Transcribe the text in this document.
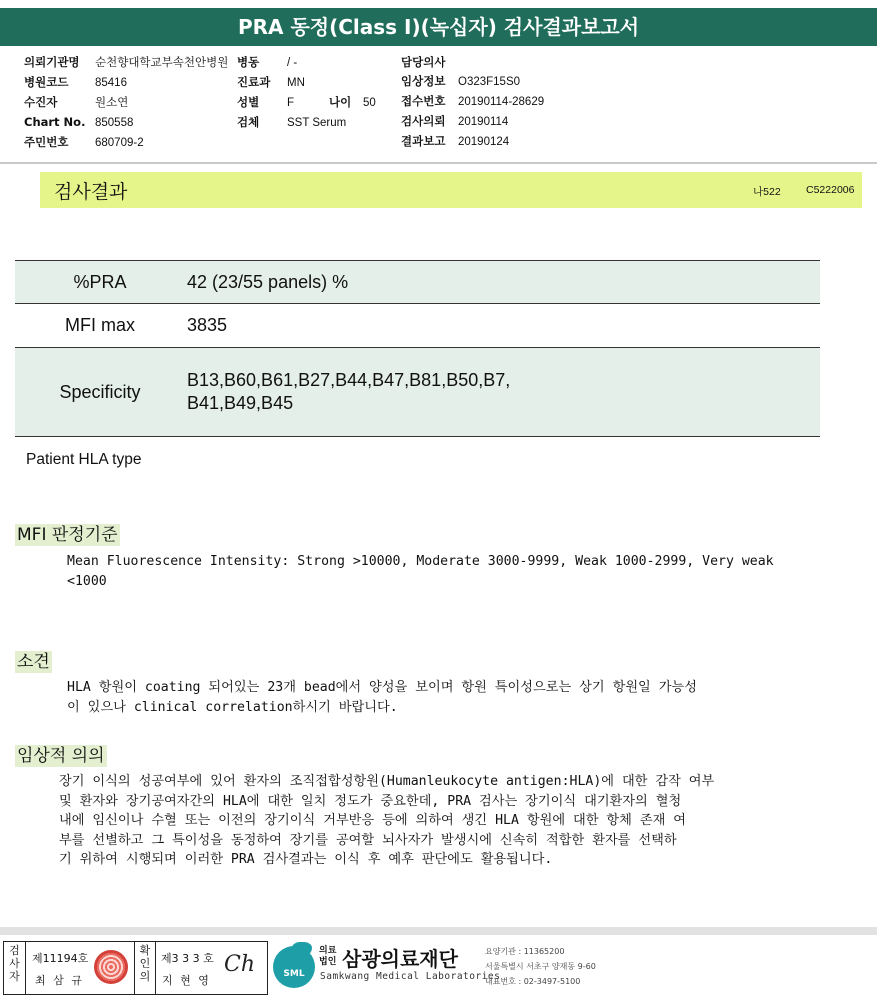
PRA 동정(Class I)(녹십자) 검사결과보고서
의뢰기관명 순천향대학교부속천안병원
병원코드 85416
수진자	원소연
Chart No. 850558
주민번호 680709-2
병동 / -
진료과 MN
성별 F	나이 50
검체 SST Serum
담당의사
임상정보 O323F15S0
접수번호 20190114-28629
검사의뢰 20190114
결과보고 20190124
검사결과	나522 C5222006
%PRA	42 (23/55 panels) %
MFI max	3835
Specificity	B13,B60,B61,B27,B44,B47,B81,B50,B7,
B41,B49,B45
Patient HLA type
MFI 판정기준
Mean Fluorescence Intensity: Strong >10000, Moderate 3000-9999, Weak 1000-2999, Very weak
<1000
소견
HLA 항원이 coating 되어있는 23개 bead에서 양성을 보이며 항원 특이성으로는 상기 항원일 가능성
이 있으나 clinical correlation하시기 바랍니다.
임상적 의의
장기 이식의 성공여부에 있어 환자의 조직접합성항원(Humanleukocyte antigen:HLA)에 대한 감작 여부
및 환자와 장기공여자간의 HLA에 대한 일치 정도가 중요한데, PRA 검사는 장기이식 대기환자의 혈청
내에 임신이나 수혈 또는 이전의 장기이식 거부반응 등에 의하여 생긴 HLA 항원에 대한 항체 존재 여
부를 선별하고 그 특이성을 동정하여 장기를 공여할 뇌사자가 발생시에 신속히 적합한 환자를 선택하
기 위하여 시행되며 이러한 PRA 검사결과는 이식 후 예후 판단에도 활용됩니다.
검사자
제11194호
최 삼 규
확인의
제3 3 3 호
지 현 영
Ch	SML
의료 법인 삼광의료재단
Samkwang Medical Laboratories
요양기관 : 11365200
서울특별시 서초구 양재동 9-60
대표번호 : 02-3497-5100
